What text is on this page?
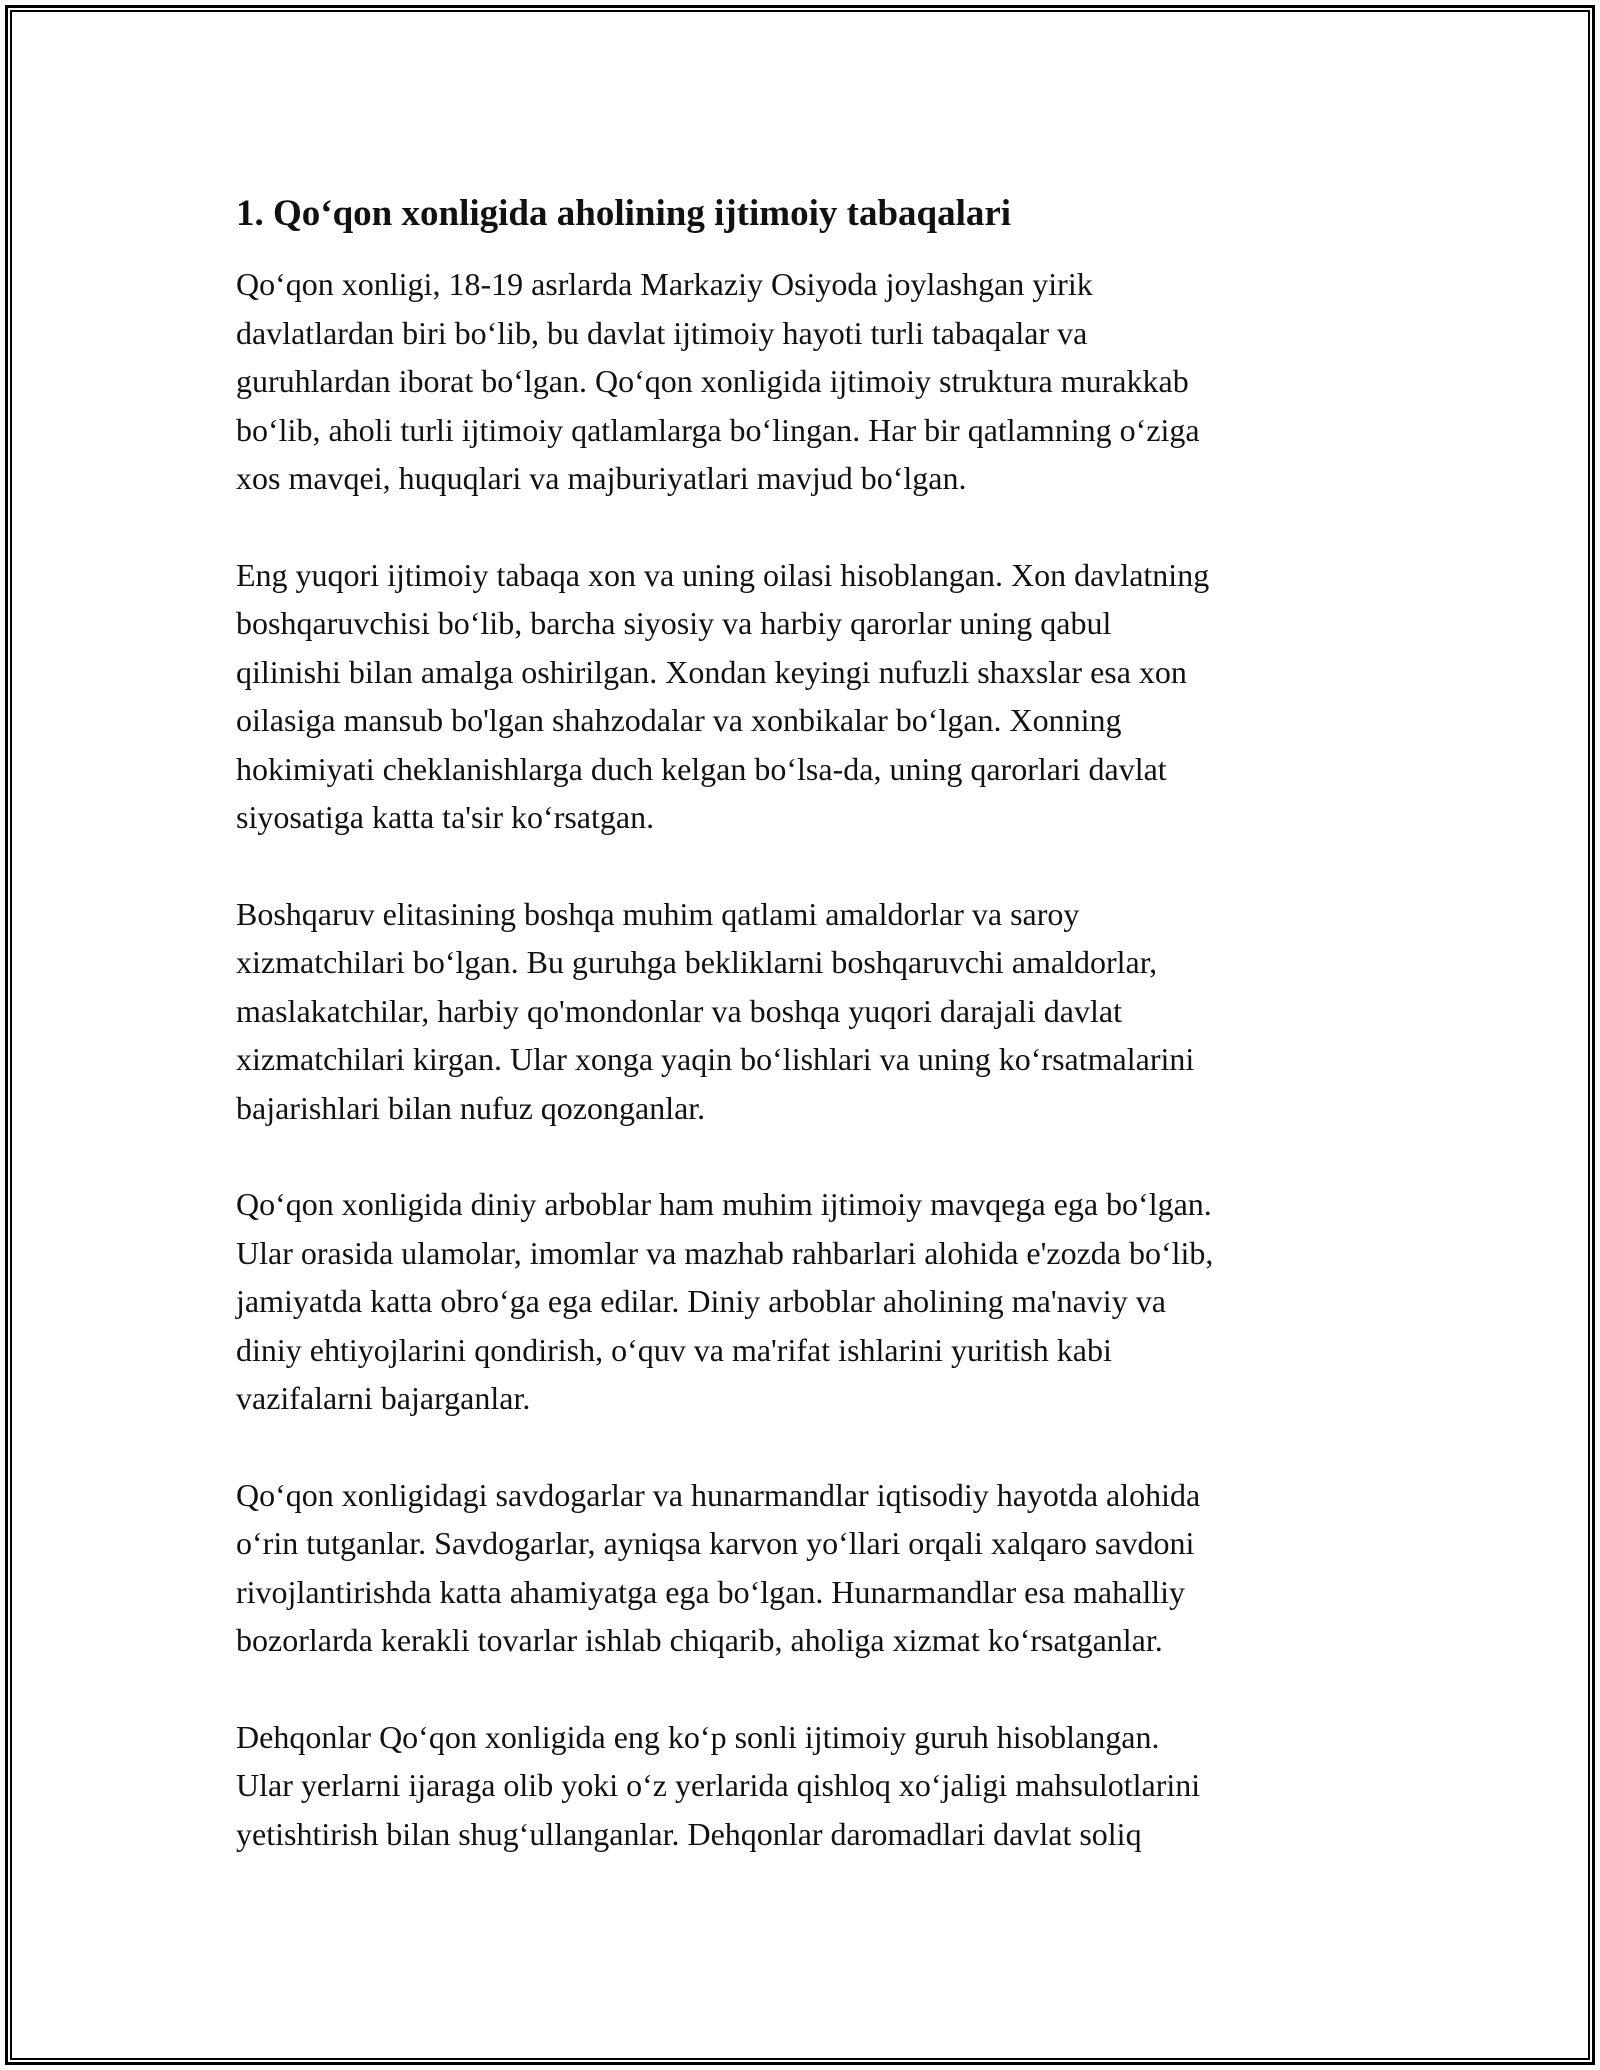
1. Qo‘qon xonligida aholining ijtimoiy tabaqalari
Qo‘qon xonligi, 18-19 asrlarda Markaziy Osiyoda joylashgan yirik
davlatlardan biri bo‘lib, bu davlat ijtimoiy hayoti turli tabaqalar va
guruhlardan iborat bo‘lgan. Qo‘qon xonligida ijtimoiy struktura murakkab
bo‘lib, aholi turli ijtimoiy qatlamlarga bo‘lingan. Har bir qatlamning o‘ziga
xos mavqei, huquqlari va majburiyatlari mavjud bo‘lgan.
Eng yuqori ijtimoiy tabaqa xon va uning oilasi hisoblangan. Xon davlatning
boshqaruvchisi bo‘lib, barcha siyosiy va harbiy qarorlar uning qabul
qilinishi bilan amalga oshirilgan. Xondan keyingi nufuzli shaxslar esa xon
oilasiga mansub bo'lgan shahzodalar va xonbikalar bo‘lgan. Xonning
hokimiyati cheklanishlarga duch kelgan bo‘lsa-da, uning qarorlari davlat
siyosatiga katta ta'sir ko‘rsatgan.
Boshqaruv elitasining boshqa muhim qatlami amaldorlar va saroy
xizmatchilari bo‘lgan. Bu guruhga bekliklarni boshqaruvchi amaldorlar,
maslakatchilar, harbiy qo'mondonlar va boshqa yuqori darajali davlat
xizmatchilari kirgan. Ular xonga yaqin bo‘lishlari va uning ko‘rsatmalarini
bajarishlari bilan nufuz qozonganlar.
Qo‘qon xonligida diniy arboblar ham muhim ijtimoiy mavqega ega bo‘lgan.
Ular orasida ulamolar, imomlar va mazhab rahbarlari alohida e'zozda bo‘lib,
jamiyatda katta obro‘ga ega edilar. Diniy arboblar aholining ma'naviy va
diniy ehtiyojlarini qondirish, o‘quv va ma'rifat ishlarini yuritish kabi
vazifalarni bajarganlar.
Qo‘qon xonligidagi savdogarlar va hunarmandlar iqtisodiy hayotda alohida
o‘rin tutganlar. Savdogarlar, ayniqsa karvon yo‘llari orqali xalqaro savdoni
rivojlantirishda katta ahamiyatga ega bo‘lgan. Hunarmandlar esa mahalliy
bozorlarda kerakli tovarlar ishlab chiqarib, aholiga xizmat ko‘rsatganlar.
Dehqonlar Qo‘qon xonligida eng ko‘p sonli ijtimoiy guruh hisoblangan.
Ular yerlarni ijaraga olib yoki o‘z yerlarida qishloq xo‘jaligi mahsulotlarini
yetishtirish bilan shug‘ullanganlar. Dehqonlar daromadlari davlat soliq
